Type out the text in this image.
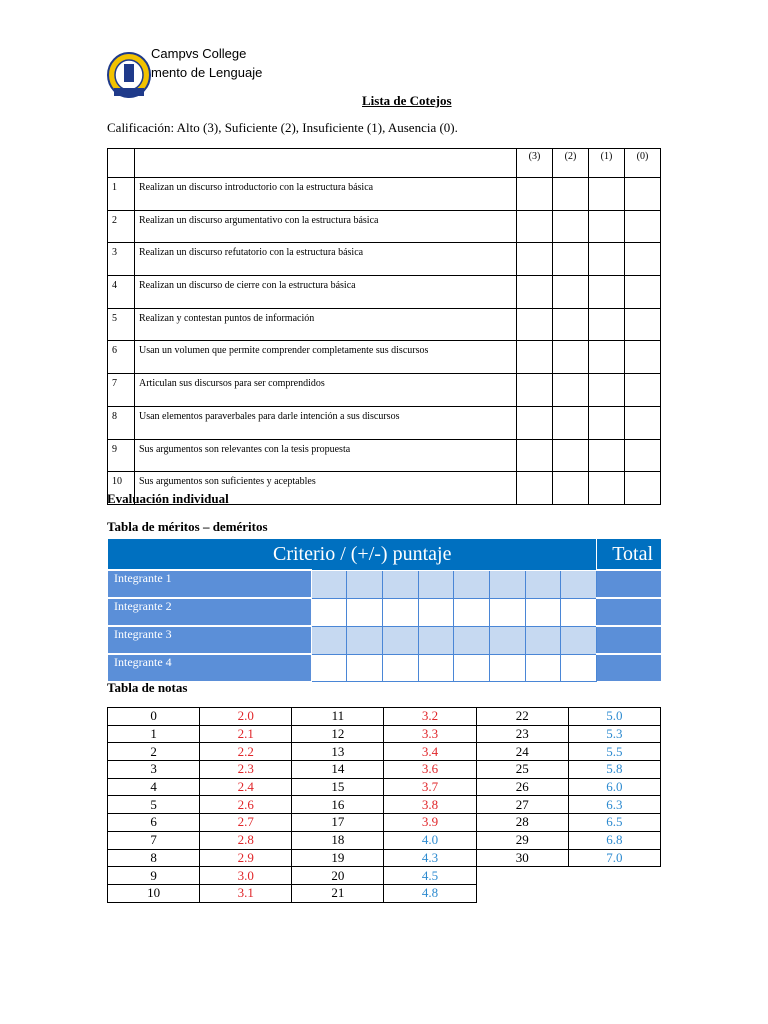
Campvs College
mento de Lenguaje
Lista de Cotejos
Calificación: Alto (3), Suficiente (2), Insuficiente (1), Ausencia (0).
		(3)	(2)	(1)	(0)
1	Realizan un discurso introductorio con la estructura básica				
2	Realizan un discurso argumentativo con la estructura básica				
3	Realizan un discurso refutatorio con la estructura básica				
4	Realizan un discurso de cierre con la estructura básica				
5	Realizan y contestan puntos de información				
6	Usan un volumen que permite comprender completamente sus discursos				
7	Articulan sus discursos para ser comprendidos				
8	Usan elementos paraverbales para darle intención a sus discursos				
9	Sus argumentos son relevantes con la tesis propuesta				
10	Sus argumentos son suficientes y aceptables				
Evaluación individual
Tabla de méritos – deméritos
Criterio / (+/-) puntaje									Total
Integrante 1									
Integrante 2									
Integrante 3									
Integrante 4									
Tabla de notas
0	2.0	11	3.2	22	5.0
1	2.1	12	3.3	23	5.3
2	2.2	13	3.4	24	5.5
3	2.3	14	3.6	25	5.8
4	2.4	15	3.7	26	6.0
5	2.6	16	3.8	27	6.3
6	2.7	17	3.9	28	6.5
7	2.8	18	4.0	29	6.8
8	2.9	19	4.3	30	7.0
9	3.0	20	4.5		
10	3.1	21	4.8		
